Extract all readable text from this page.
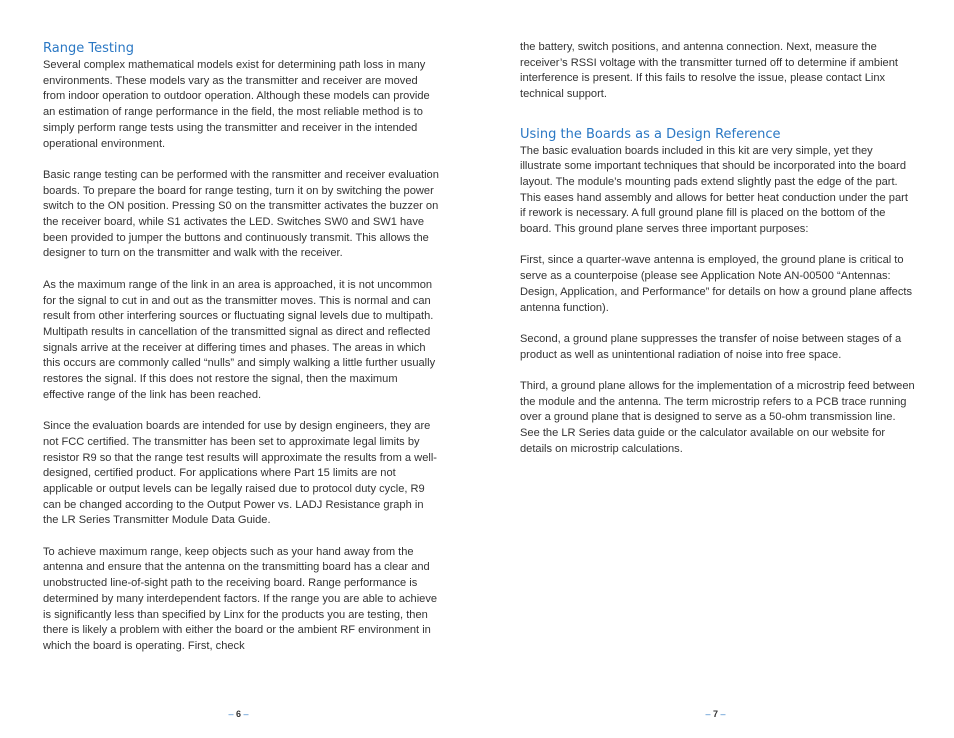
Range Testing

Several complex mathematical models exist for determining path loss in many environments. These models vary as the transmitter and receiver are moved from indoor operation to outdoor operation. Although these models can provide an estimation of range performance in the field, the most reliable method is to simply perform range tests using the transmitter and receiver in the intended operational environment.

Basic range testing can be performed with the ransmitter and receiver evaluation boards. To prepare the board for range testing, turn it on by switching the power switch to the ON position. Pressing S0 on the transmitter activates the buzzer on the receiver board, while S1 activates the LED. Switches SW0 and SW1 have been provided to jumper the buttons and continuously transmit. This allows the designer to turn on the transmitter and walk with the receiver.

As the maximum range of the link in an area is approached, it is not uncommon for the signal to cut in and out as the transmitter moves. This is normal and can result from other interfering sources or fluctuating signal levels due to multipath. Multipath results in cancellation of the transmitted signal as direct and reflected signals arrive at the receiver at differing times and phases. The areas in which this occurs are commonly called “nulls” and simply walking a little further usually restores the signal. If this does not restore the signal, then the maximum effective range of the link has been reached.

Since the evaluation boards are intended for use by design engineers, they are not FCC certified. The transmitter has been set to approximate legal limits by resistor R9 so that the range test results will approximate the results from a well-designed, certified product. For applications where Part 15 limits are not applicable or output levels can be legally raised due to protocol duty cycle, R9 can be changed according to the Output Power vs. LADJ Resistance graph in the LR Series Transmitter Module Data Guide.

To achieve maximum range, keep objects such as your hand away from the antenna and ensure that the antenna on the transmitting board has a clear and unobstructed line-of-sight path to the receiving board. Range performance is determined by many interdependent factors. If the range you are able to achieve is significantly less than specified by Linx for the products you are testing, then there is likely a problem with either the board or the ambient RF environment in which the board is operating. First, check

– 6 –

the battery, switch positions, and antenna connection. Next, measure the receiver’s RSSI voltage with the transmitter turned off to determine if ambient interference is present. If this fails to resolve the issue, please contact Linx technical support.

Using the Boards as a Design Reference

The basic evaluation boards included in this kit are very simple, yet they illustrate some important techniques that should be incorporated into the board layout. The module’s mounting pads extend slightly past the edge of the part. This eases hand assembly and allows for better heat conduction under the part if rework is necessary. A full ground plane fill is placed on the bottom of the board. This ground plane serves three important purposes:

First, since a quarter-wave antenna is employed, the ground plane is critical to serve as a counterpoise (please see Application Note AN-00500 “Antennas: Design, Application, and Performance” for details on how a ground plane affects antenna function).

Second, a ground plane suppresses the transfer of noise between stages of a product as well as unintentional radiation of noise into free space.

Third, a ground plane allows for the implementation of a microstrip feed between the module and the antenna. The term microstrip refers to a PCB trace running over a ground plane that is designed to serve as a 50-ohm transmission line. See the LR Series data guide or the calculator available on our website for details on microstrip calculations.

– 7 –
